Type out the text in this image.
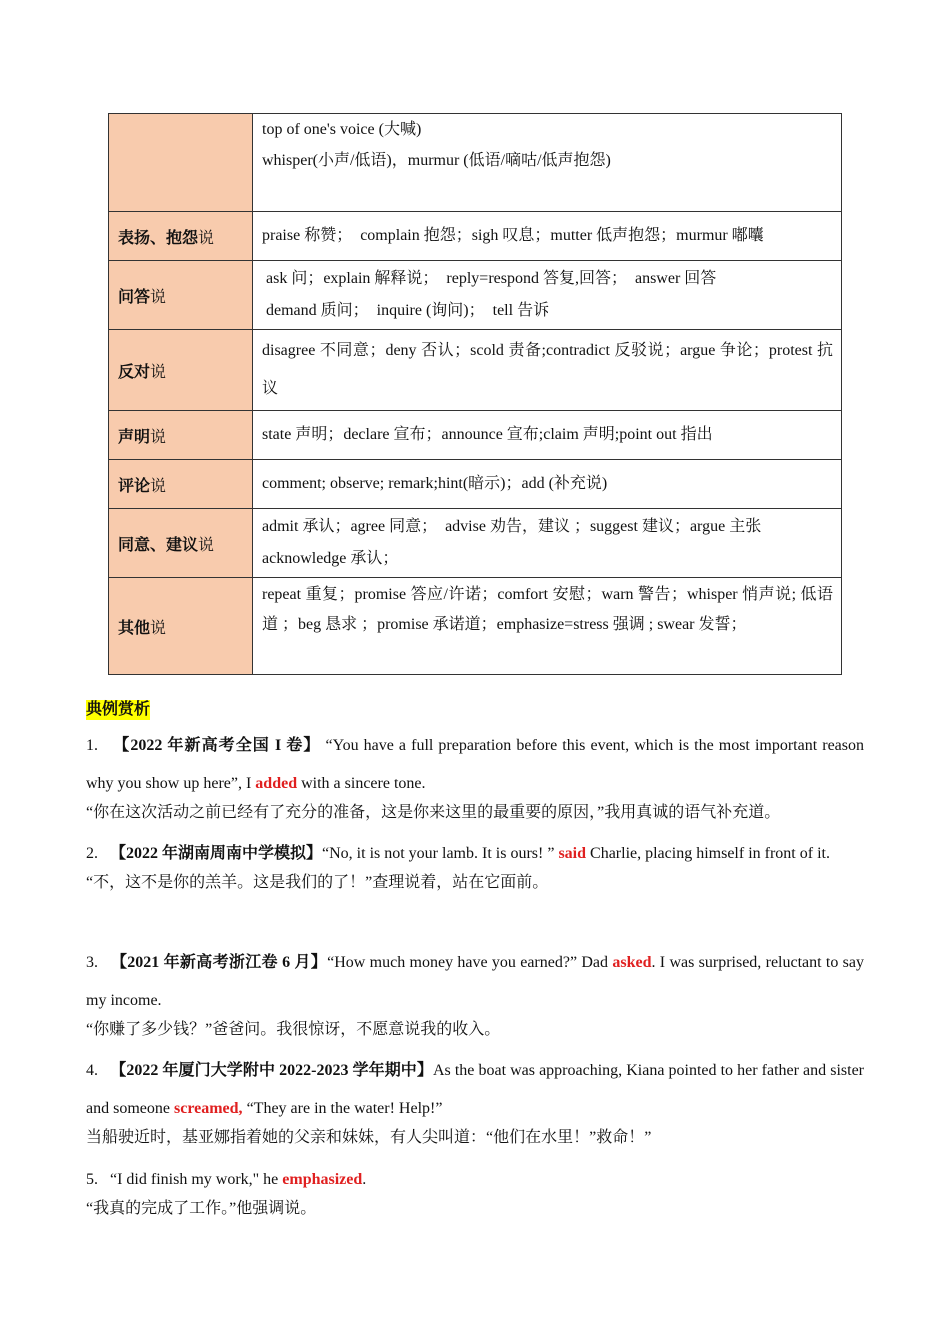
	top of one's voice (大喊)
whisper(小声/低语)，murmur (低语/嘀咕/低声抱怨)

表扬、抱怨说	praise 称赞；　complain 抱怨；sigh 叹息；mutter 低声抱怨；murmur 嘟囔

问答说	ask 问；explain 解释说；　reply=respond 答复,回答；　answer 回答
demand 质问；　inquire (询问)；　tell 告诉

反对说	disagree 不同意；deny 否认；scold 责备;contradict 反驳说；argue 争论；protest 抗议

声明说	state 声明；declare 宣布；announce 宣布;claim 声明;point out 指出

评论说	comment; observe; remark;hint(暗示)；add (补充说)

同意、建议说	admit 承认；agree 同意；　advise 劝告，建议 ；suggest 建议；argue 主张
acknowledge 承认；

其他说	repeat 重复；promise 答应/许诺；comfort 安慰；warn 警告；whisper 悄声说; 低语　道 ；beg 恳求 ；promise 承诺道；emphasize=stress 强调 ; swear 发誓；
典例赏析
1. 【2022 年新高考全国 I 卷】 “You have a full preparation before this event, which is the most important reason why you show up here”, I added with a sincere tone.
“你在这次活动之前已经有了充分的准备，这是你来这里的最重要的原因，”我用真诚的语气补充道。
2. 【2022 年湖南周南中学模拟】“No, it is not your lamb. It is ours! ” said Charlie, placing himself in front of it.
“不，这不是你的羔羊。这是我们的了！”查理说着，站在它面前。
3. 【2021 年新高考浙江卷 6 月】“How much money have you earned?” Dad asked. I was surprised, reluctant to say my income.
“你赚了多少钱？”爸爸问。我很惊讶，不愿意说我的收入。
4. 【2022 年厦门大学附中 2022-2023 学年期中】As the boat was approaching, Kiana pointed to her father and sister and someone screamed, “They are in the water! Help!”
当船驶近时，基亚娜指着她的父亲和妹妹，有人尖叫道：“他们在水里！”救命！”
5. “I did finish my work," he emphasized.
“我真的完成了工作。”他强调说。
